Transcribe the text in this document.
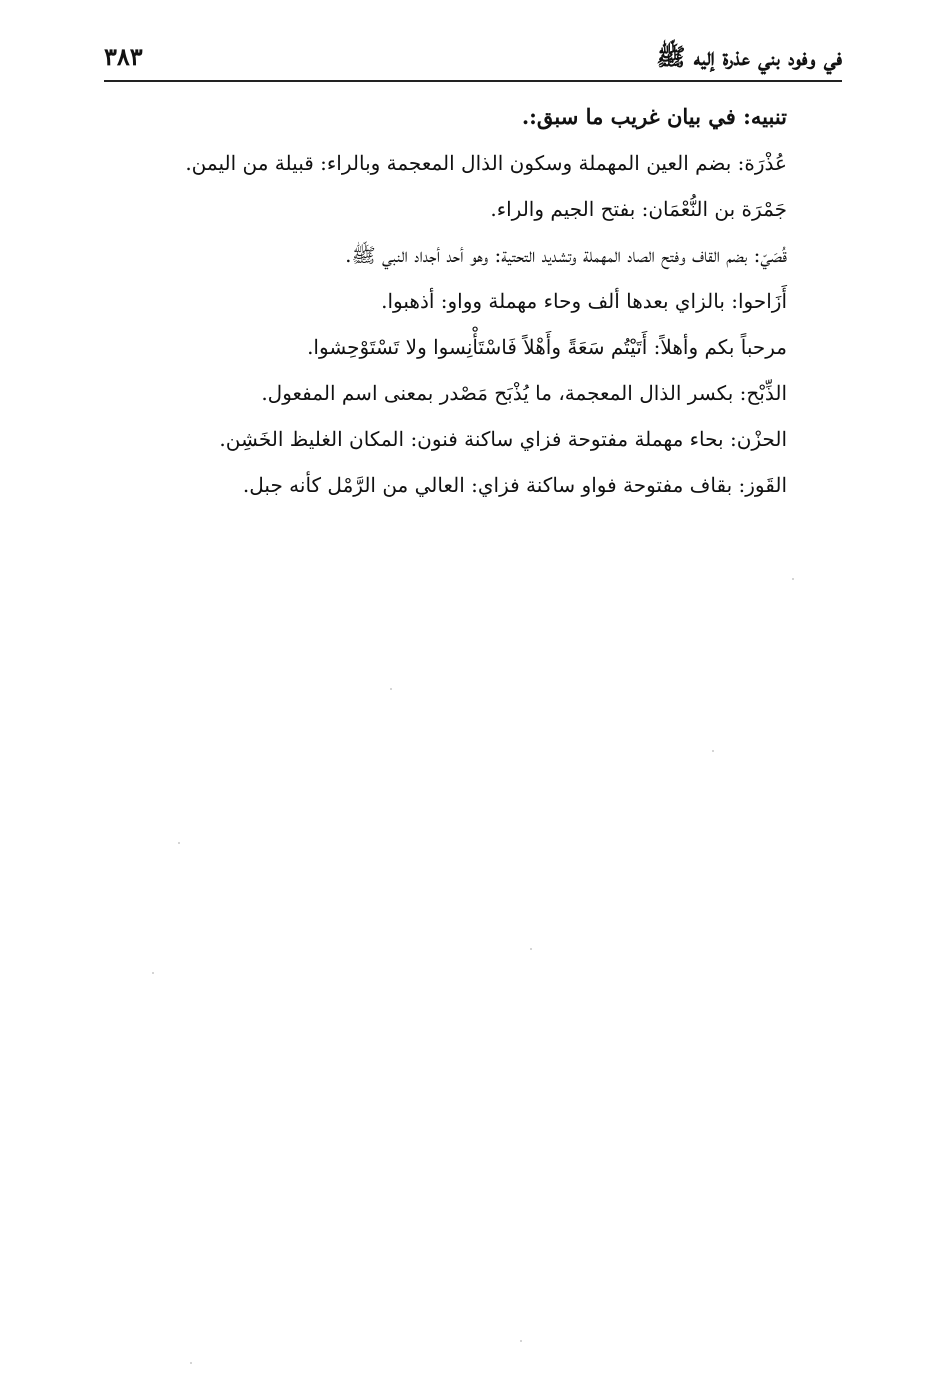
في وفود بني عذرة إليه ﷺ
٣٨٣
تنبيه: في بيان غريب ما سبق:.
عُذْرَة: بضم العين المهملة وسكون الذال المعجمة وبالراء: قبيلة من اليمن.
جَمْرَة بن النُّعْمَان: بفتح الجيم والراء.
قُصَيّ: بضم القاف وفتح الصاد المهملة وتشديد التحتية: وهو أحد أجداد النبي ﷺ.
أَزَاحوا: بالزاي بعدها ألف وحاء مهملة وواو: أذهبوا.
مرحباً بكم وأهلاً: أَتَيْتُم سَعَةً وأَهْلاً فَاسْتَأْنِسوا ولا تَسْتَوْحِشوا.
الذِّبْح: بكسر الذال المعجمة، ما يُذْبَح مَصْدر بمعنى اسم المفعول.
الحزْن: بحاء مهملة مفتوحة فزاي ساكنة فنون: المكان الغليظ الخَشِن.
القَوز: بقاف مفتوحة فواو ساكنة فزاي: العالي من الرَّمْل كأنه جبل.
